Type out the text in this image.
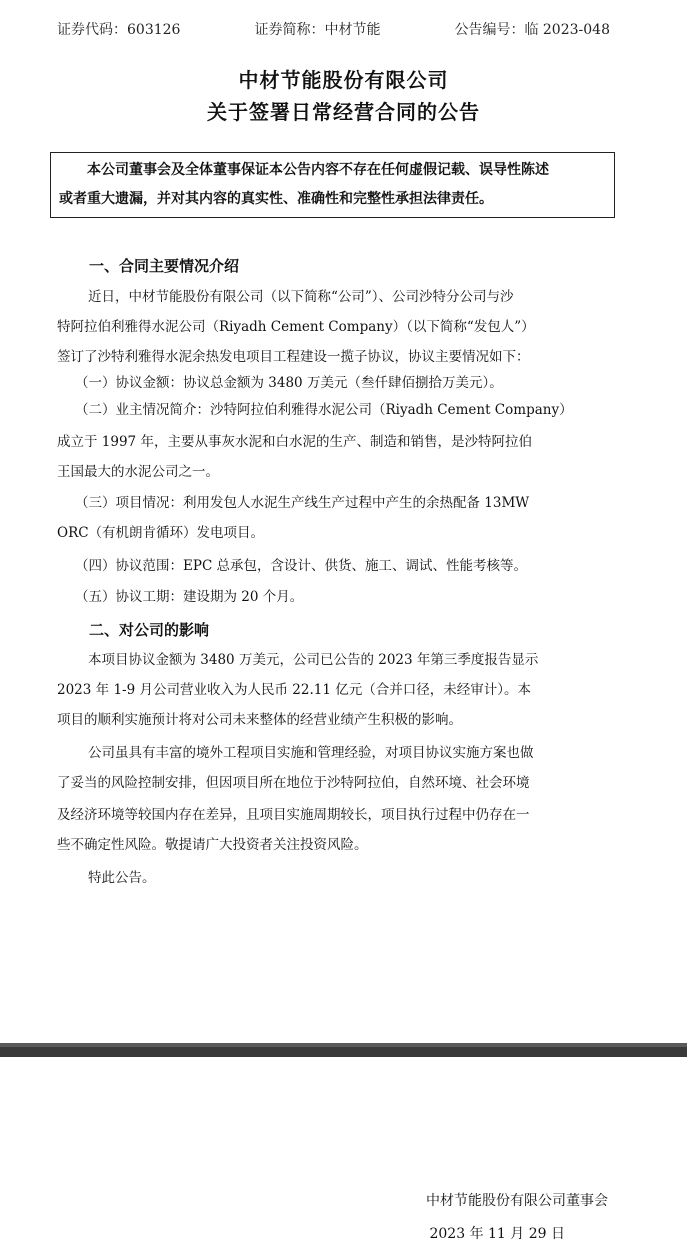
证券代码：603126	证券简称：中材节能	公告编号：临 2023-048
中材节能股份有限公司
关于签署日常经营合同的公告
本公司董事会及全体董事保证本公告内容不存在任何虚假记载、误导性陈述
或者重大遗漏，并对其内容的真实性、准确性和完整性承担法律责任。
一、合同主要情况介绍
近日，中材节能股份有限公司（以下简称“公司”）、公司沙特分公司与沙
特阿拉伯利雅得水泥公司（Riyadh Cement Company）（以下简称“发包人”）
签订了沙特利雅得水泥余热发电项目工程建设一揽子协议，协议主要情况如下：
（一）协议金额：协议总金额为 3480 万美元（叁仟肆佰捌拾万美元）。
（二）业主情况简介：沙特阿拉伯利雅得水泥公司（Riyadh Cement Company）
成立于 1997 年，主要从事灰水泥和白水泥的生产、制造和销售，是沙特阿拉伯
王国最大的水泥公司之一。
（三）项目情况：利用发包人水泥生产线生产过程中产生的余热配备 13MW
ORC（有机朗肯循环）发电项目。
（四）协议范围：EPC 总承包，含设计、供货、施工、调试、性能考核等。
（五）协议工期：建设期为 20 个月。
二、对公司的影响
本项目协议金额为 3480 万美元，公司已公告的 2023 年第三季度报告显示
2023 年 1-9 月公司营业收入为人民币 22.11 亿元（合并口径，未经审计）。本
项目的顺利实施预计将对公司未来整体的经营业绩产生积极的影响。
公司虽具有丰富的境外工程项目实施和管理经验，对项目协议实施方案也做
了妥当的风险控制安排，但因项目所在地位于沙特阿拉伯，自然环境、社会环境
及经济环境等较国内存在差异，且项目实施周期较长，项目执行过程中仍存在一
些不确定性风险。敬提请广大投资者关注投资风险。
特此公告。
中材节能股份有限公司董事会
2023 年 11 月 29 日
